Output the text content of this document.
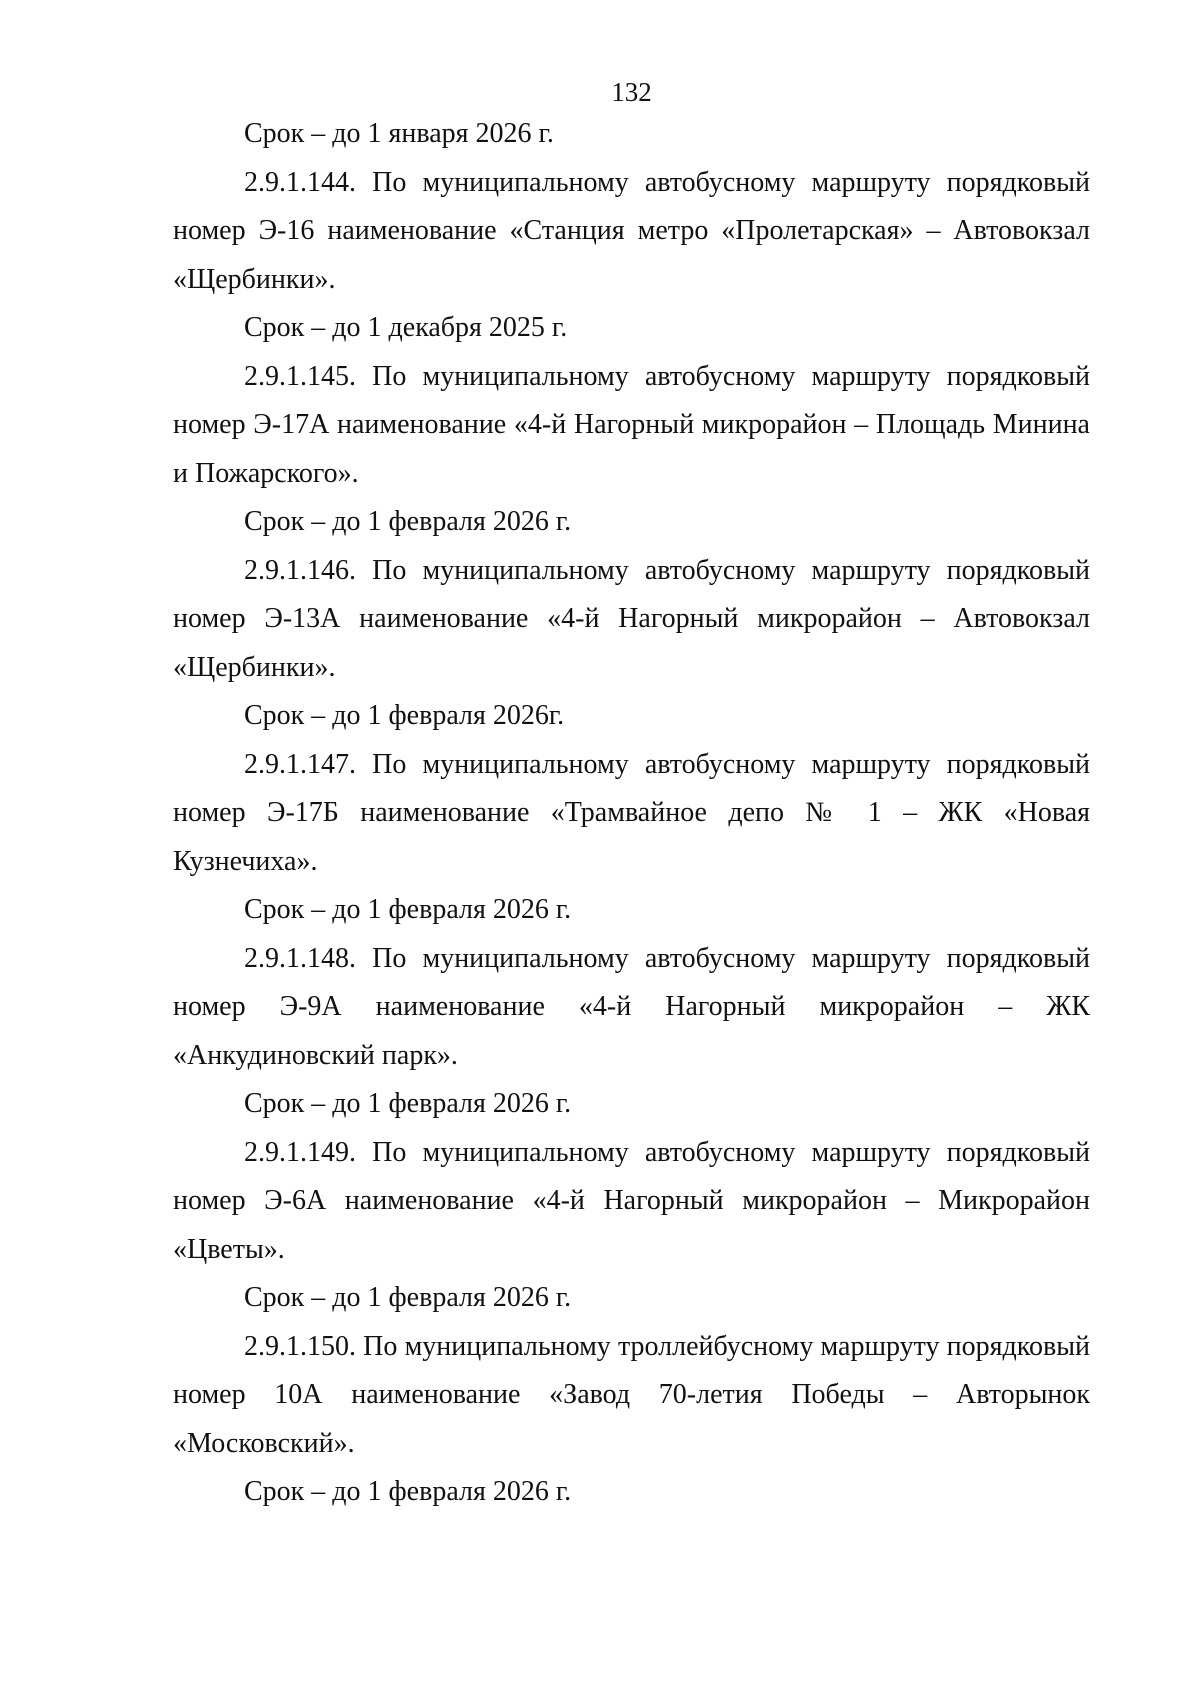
132

Срок – до 1 января 2026 г.

2.9.1.144. По муниципальному автобусному маршруту порядковый номер Э-16 наименование «Станция метро «Пролетарская» – Автовокзал «Щербинки».

Срок – до 1 декабря 2025 г.

2.9.1.145. По муниципальному автобусному маршруту порядковый номер Э-17А наименование «4-й Нагорный микрорайон – Площадь Минина и Пожарского».

Срок – до 1 февраля 2026 г.

2.9.1.146. По муниципальному автобусному маршруту порядковый номер Э-13А наименование «4-й Нагорный микрорайон – Автовокзал «Щербинки».

Срок – до 1 февраля 2026г.

2.9.1.147. По муниципальному автобусному маршруту порядковый номер Э-17Б наименование «Трамвайное депо № 1 – ЖК «Новая Кузнечиха».

Срок – до 1 февраля 2026 г.

2.9.1.148. По муниципальному автобусному маршруту порядковый номер Э-9А наименование «4-й Нагорный микрорайон – ЖК «Анкудиновский парк».

Срок – до 1 февраля 2026 г.

2.9.1.149. По муниципальному автобусному маршруту порядковый номер Э-6А наименование «4-й Нагорный микрорайон – Микрорайон «Цветы».

Срок – до 1 февраля 2026 г.

2.9.1.150. По муниципальному троллейбусному маршруту порядковый номер 10А наименование «Завод 70-летия Победы – Авторынок «Московский».

Срок – до 1 февраля 2026 г.
